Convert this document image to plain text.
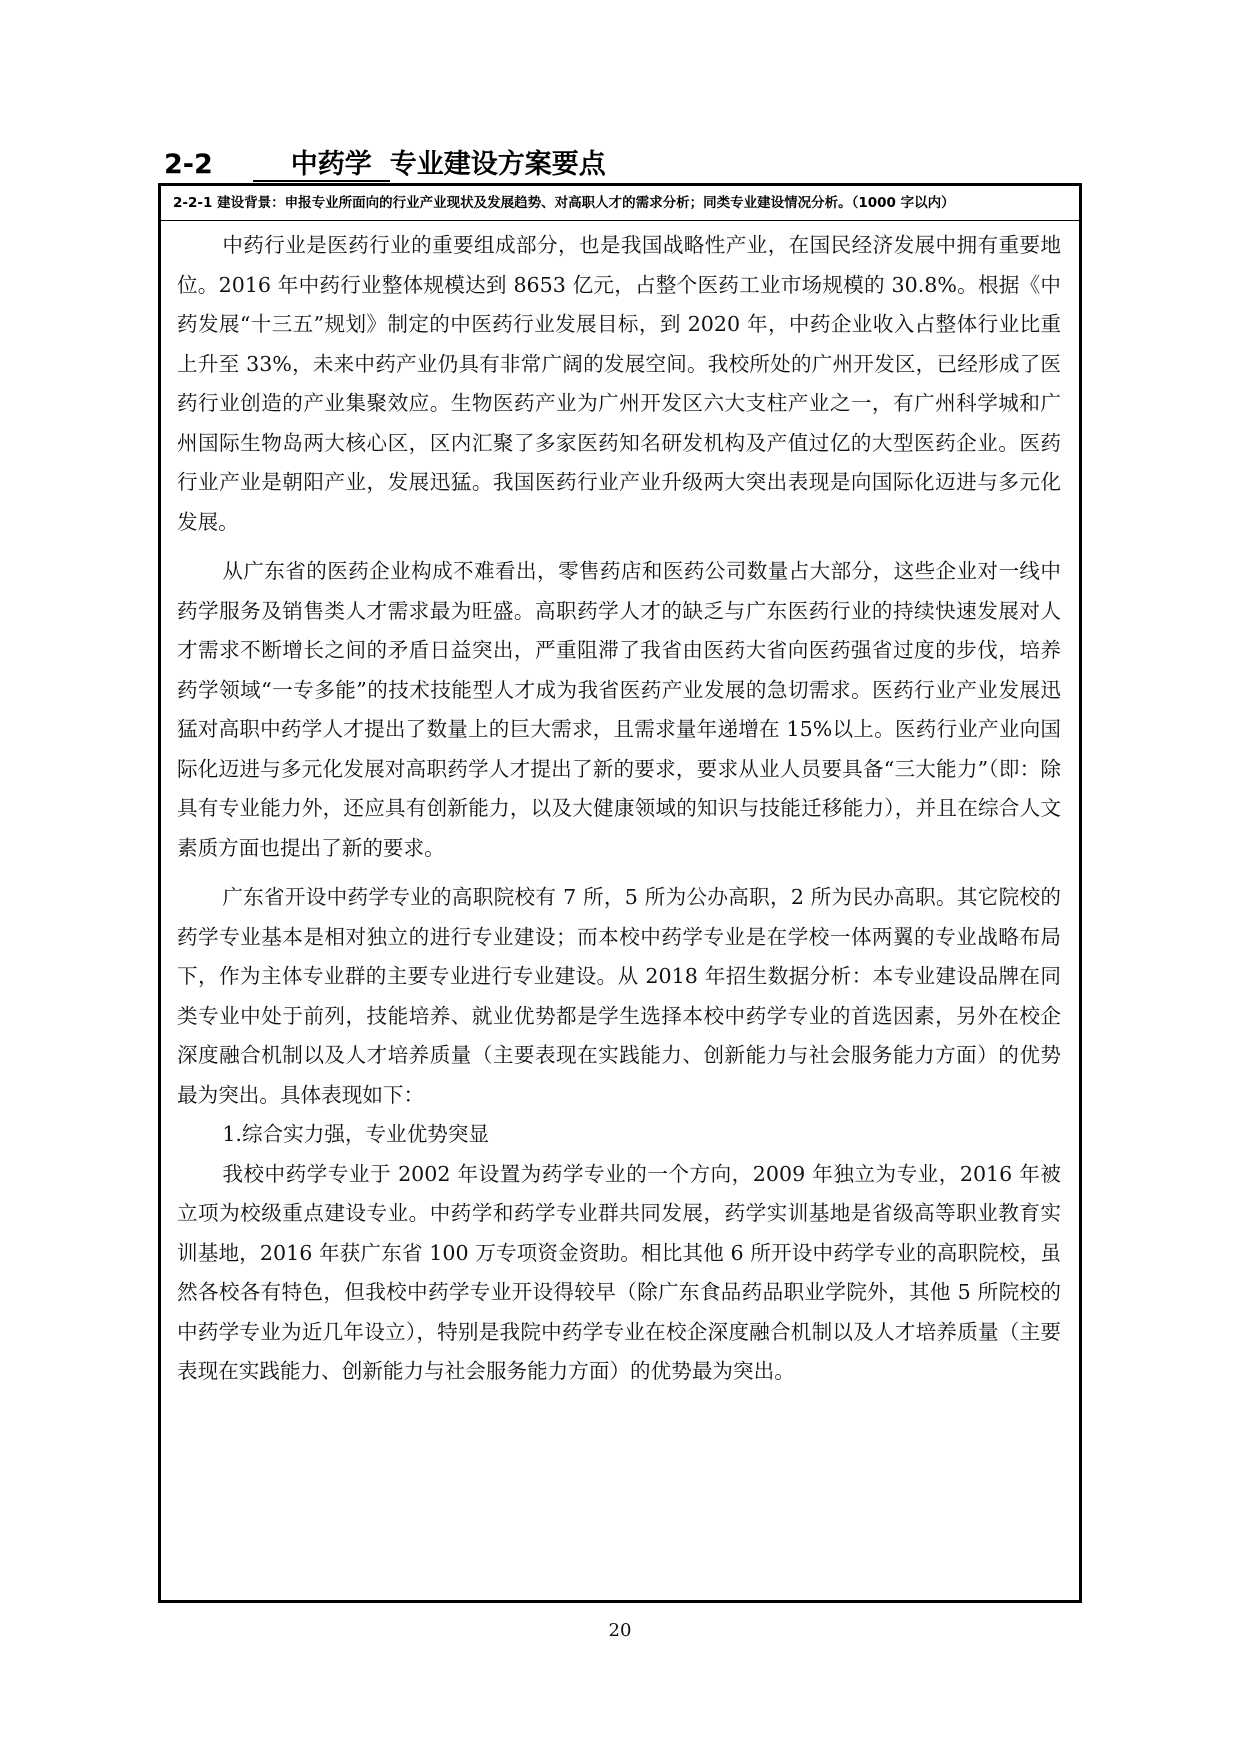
2-2	中药学 专业建设方案要点
2-2-1 建设背景：申报专业所面向的行业产业现状及发展趋势、对高职人才的需求分析；同类专业建设情况分析。（1000 字以内）

中药行业是医药行业的重要组成部分，也是我国战略性产业，在国民经济发展中拥有重要地位。2016 年中药行业整体规模达到 8653 亿元，占整个医药工业市场规模的 30.8%。根据《中药发展“十三五”规划》制定的中医药行业发展目标，到 2020 年，中药企业收入占整体行业比重上升至 33%，未来中药产业仍具有非常广阔的发展空间。我校所处的广州开发区，已经形成了医药行业创造的产业集聚效应。生物医药产业为广州开发区六大支柱产业之一，有广州科学城和广州国际生物岛两大核心区，区内汇聚了多家医药知名研发机构及产值过亿的大型医药企业。医药行业产业是朝阳产业，发展迅猛。我国医药行业产业升级两大突出表现是向国际化迈进与多元化发展。

从广东省的医药企业构成不难看出，零售药店和医药公司数量占大部分，这些企业对一线中药学服务及销售类人才需求最为旺盛。高职药学人才的缺乏与广东医药行业的持续快速发展对人才需求不断增长之间的矛盾日益突出，严重阻滞了我省由医药大省向医药强省过度的步伐，培养药学领域“一专多能”的技术技能型人才成为我省医药产业发展的急切需求。医药行业产业发展迅猛对高职中药学人才提出了数量上的巨大需求，且需求量年递增在 15%以上。医药行业产业向国际化迈进与多元化发展对高职药学人才提出了新的要求，要求从业人员要具备“三大能力”（即：除具有专业能力外，还应具有创新能力，以及大健康领域的知识与技能迁移能力），并且在综合人文素质方面也提出了新的要求。

广东省开设中药学专业的高职院校有 7 所，5 所为公办高职，2 所为民办高职。其它院校的药学专业基本是相对独立的进行专业建设；而本校中药学专业是在学校一体两翼的专业战略布局下，作为主体专业群的主要专业进行专业建设。从 2018 年招生数据分析：本专业建设品牌在同类专业中处于前列，技能培养、就业优势都是学生选择本校中药学专业的首选因素，另外在校企深度融合机制以及人才培养质量（主要表现在实践能力、创新能力与社会服务能力方面）的优势最为突出。具体表现如下：

1.综合实力强，专业优势突显

我校中药学专业于 2002 年设置为药学专业的一个方向，2009 年独立为专业，2016 年被立项为校级重点建设专业。中药学和药学专业群共同发展，药学实训基地是省级高等职业教育实训基地，2016 年获广东省 100 万专项资金资助。相比其他 6 所开设中药学专业的高职院校，虽然各校各有特色，但我校中药学专业开设得较早（除广东食品药品职业学院外，其他 5 所院校的中药学专业为近几年设立），特别是我院中药学专业在校企深度融合机制以及人才培养质量（主要表现在实践能力、创新能力与社会服务能力方面）的优势最为突出。

20
